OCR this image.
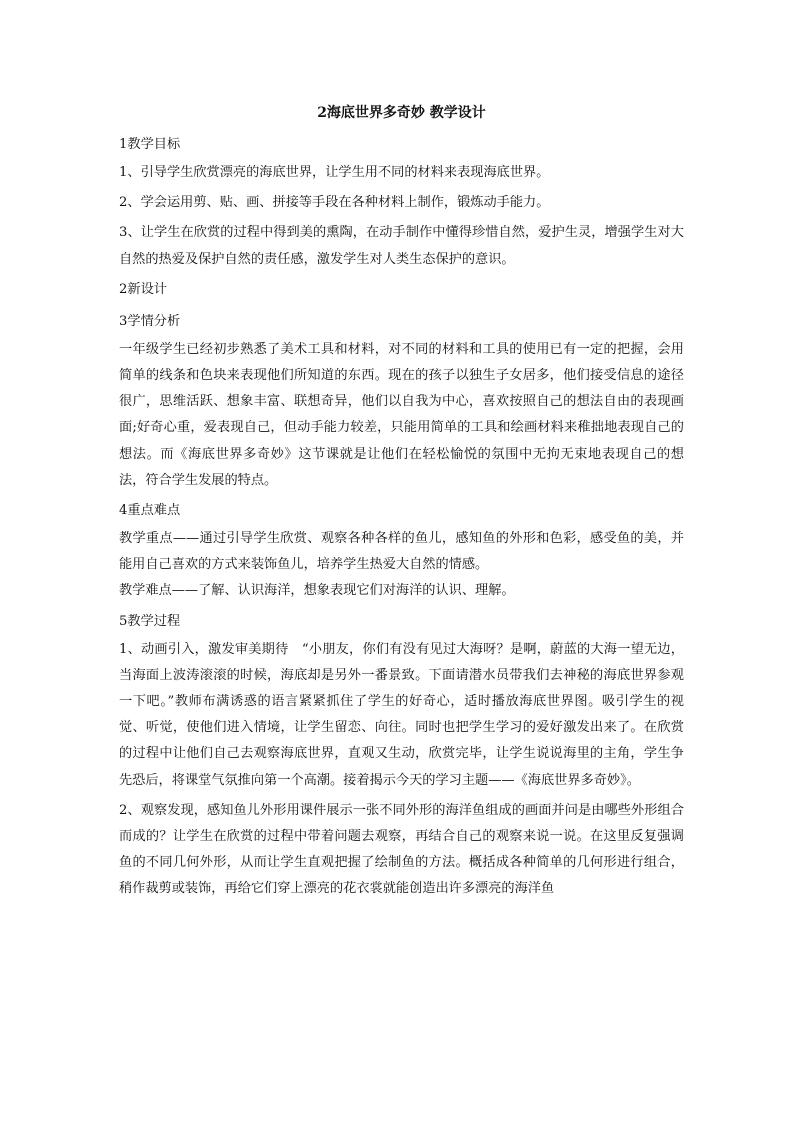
2海底世界多奇妙 教学设计
1教学目标

1、引导学生欣赏漂亮的海底世界，让学生用不同的材料来表现海底世界。

2、学会运用剪、贴、画、拼接等手段在各种材料上制作，锻炼动手能力。

3、让学生在欣赏的过程中得到美的熏陶，在动手制作中懂得珍惜自然，爱护生灵，增强学生对大自然的热爱及保护自然的责任感，激发学生对人类生态保护的意识。

2新设计
3学情分析

一年级学生已经初步熟悉了美术工具和材料，对不同的材料和工具的使用已有一定的把握，会用简单的线条和色块来表现他们所知道的东西。现在的孩子以独生子女居多，他们接受信息的途径很广，思维活跃、想象丰富、联想奇异，他们以自我为中心，喜欢按照自己的想法自由的表现画面;好奇心重，爱表现自己，但动手能力较差，只能用简单的工具和绘画材料来稚拙地表现自己的想法。而《海底世界多奇妙》这节课就是让他们在轻松愉悦的氛围中无拘无束地表现自己的想法，符合学生发展的特点。

4重点难点

教学重点——通过引导学生欣赏、观察各种各样的鱼儿，感知鱼的外形和色彩，感受鱼的美，并能用自己喜欢的方式来装饰鱼儿，培养学生热爱大自然的情感。

教学难点——了解、认识海洋，想象表现它们对海洋的认识、理解。

5教学过程

1、动画引入，激发审美期待　“小朋友，你们有没有见过大海呀？是啊，蔚蓝的大海一望无边，当海面上波涛滚滚的时候，海底却是另外一番景致。下面请潜水员带我们去神秘的海底世界参观一下吧。”教师布满诱惑的语言紧紧抓住了学生的好奇心，适时播放海底世界图。吸引学生的视觉、听觉，使他们进入情境，让学生留恋、向往。同时也把学生学习的爱好激发出来了。在欣赏的过程中让他们自己去观察海底世界，直观又生动，欣赏完毕，让学生说说海里的主角，学生争先恐后，将课堂气氛推向第一个高潮。接着揭示今天的学习主题——《海底世界多奇妙》。

2、观察发现，感知鱼儿外形用课件展示一张不同外形的海洋鱼组成的画面并问是由哪些外形组合而成的？让学生在欣赏的过程中带着问题去观察，再结合自己的观察来说一说。在这里反复强调鱼的不同几何外形，从而让学生直观把握了绘制鱼的方法。概括成各种简单的几何形进行组合，稍作裁剪或装饰，再给它们穿上漂亮的花衣裳就能创造出许多漂亮的海洋鱼
